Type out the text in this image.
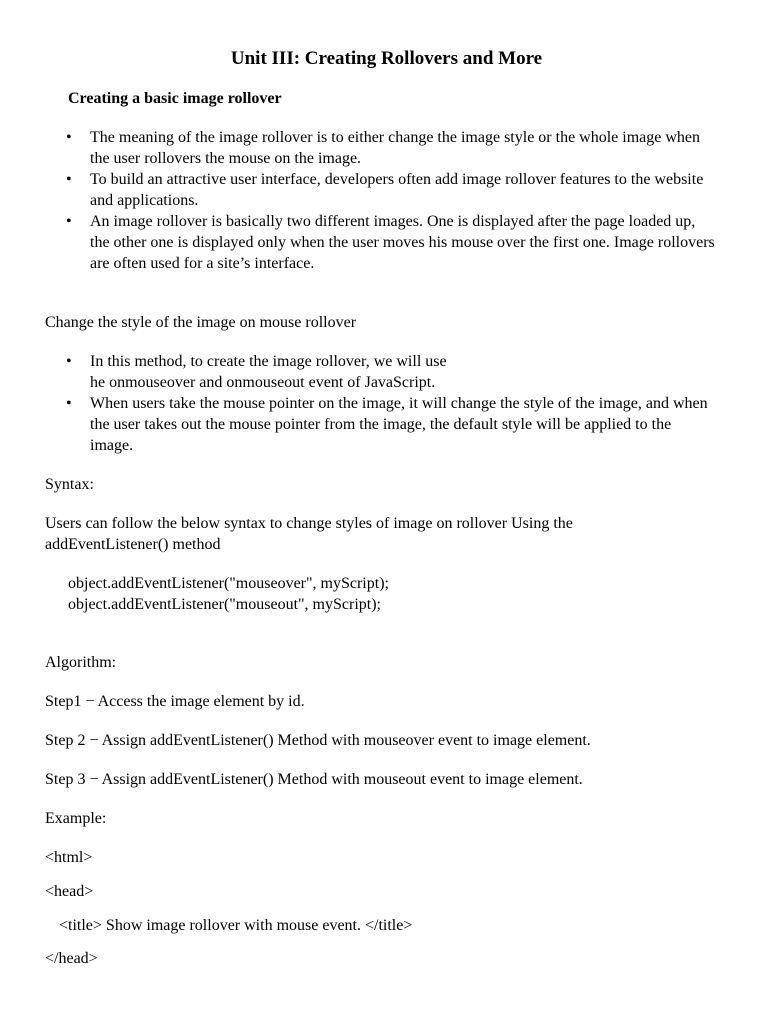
Unit III: Creating Rollovers and More
Creating a basic image rollover
• The meaning of the image rollover is to either change the image style or the whole image when the user rollovers the mouse on the image.
• To build an attractive user interface, developers often add image rollover features to the website and applications.
• An image rollover is basically two different images. One is displayed after the page loaded up, the other one is displayed only when the user moves his mouse over the first one. Image rollovers are often used for a site’s interface.
Change the style of the image on mouse rollover
• In this method, to create the image rollover, we will use
he onmouseover and onmouseout event of JavaScript.
• When users take the mouse pointer on the image, it will change the style of the image, and when the user takes out the mouse pointer from the image, the default style will be applied to the image.
Syntax:
Users can follow the below syntax to change styles of image on rollover Using the addEventListener() method
object.addEventListener("mouseover", myScript);
object.addEventListener("mouseout", myScript);
Algorithm:
Step1 − Access the image element by id.
Step 2 − Assign addEventListener() Method with mouseover event to image element.
Step 3 − Assign addEventListener() Method with mouseout event to image element.
Example:
<html>
<head>
<title> Show image rollover with mouse event. </title>
</head>
